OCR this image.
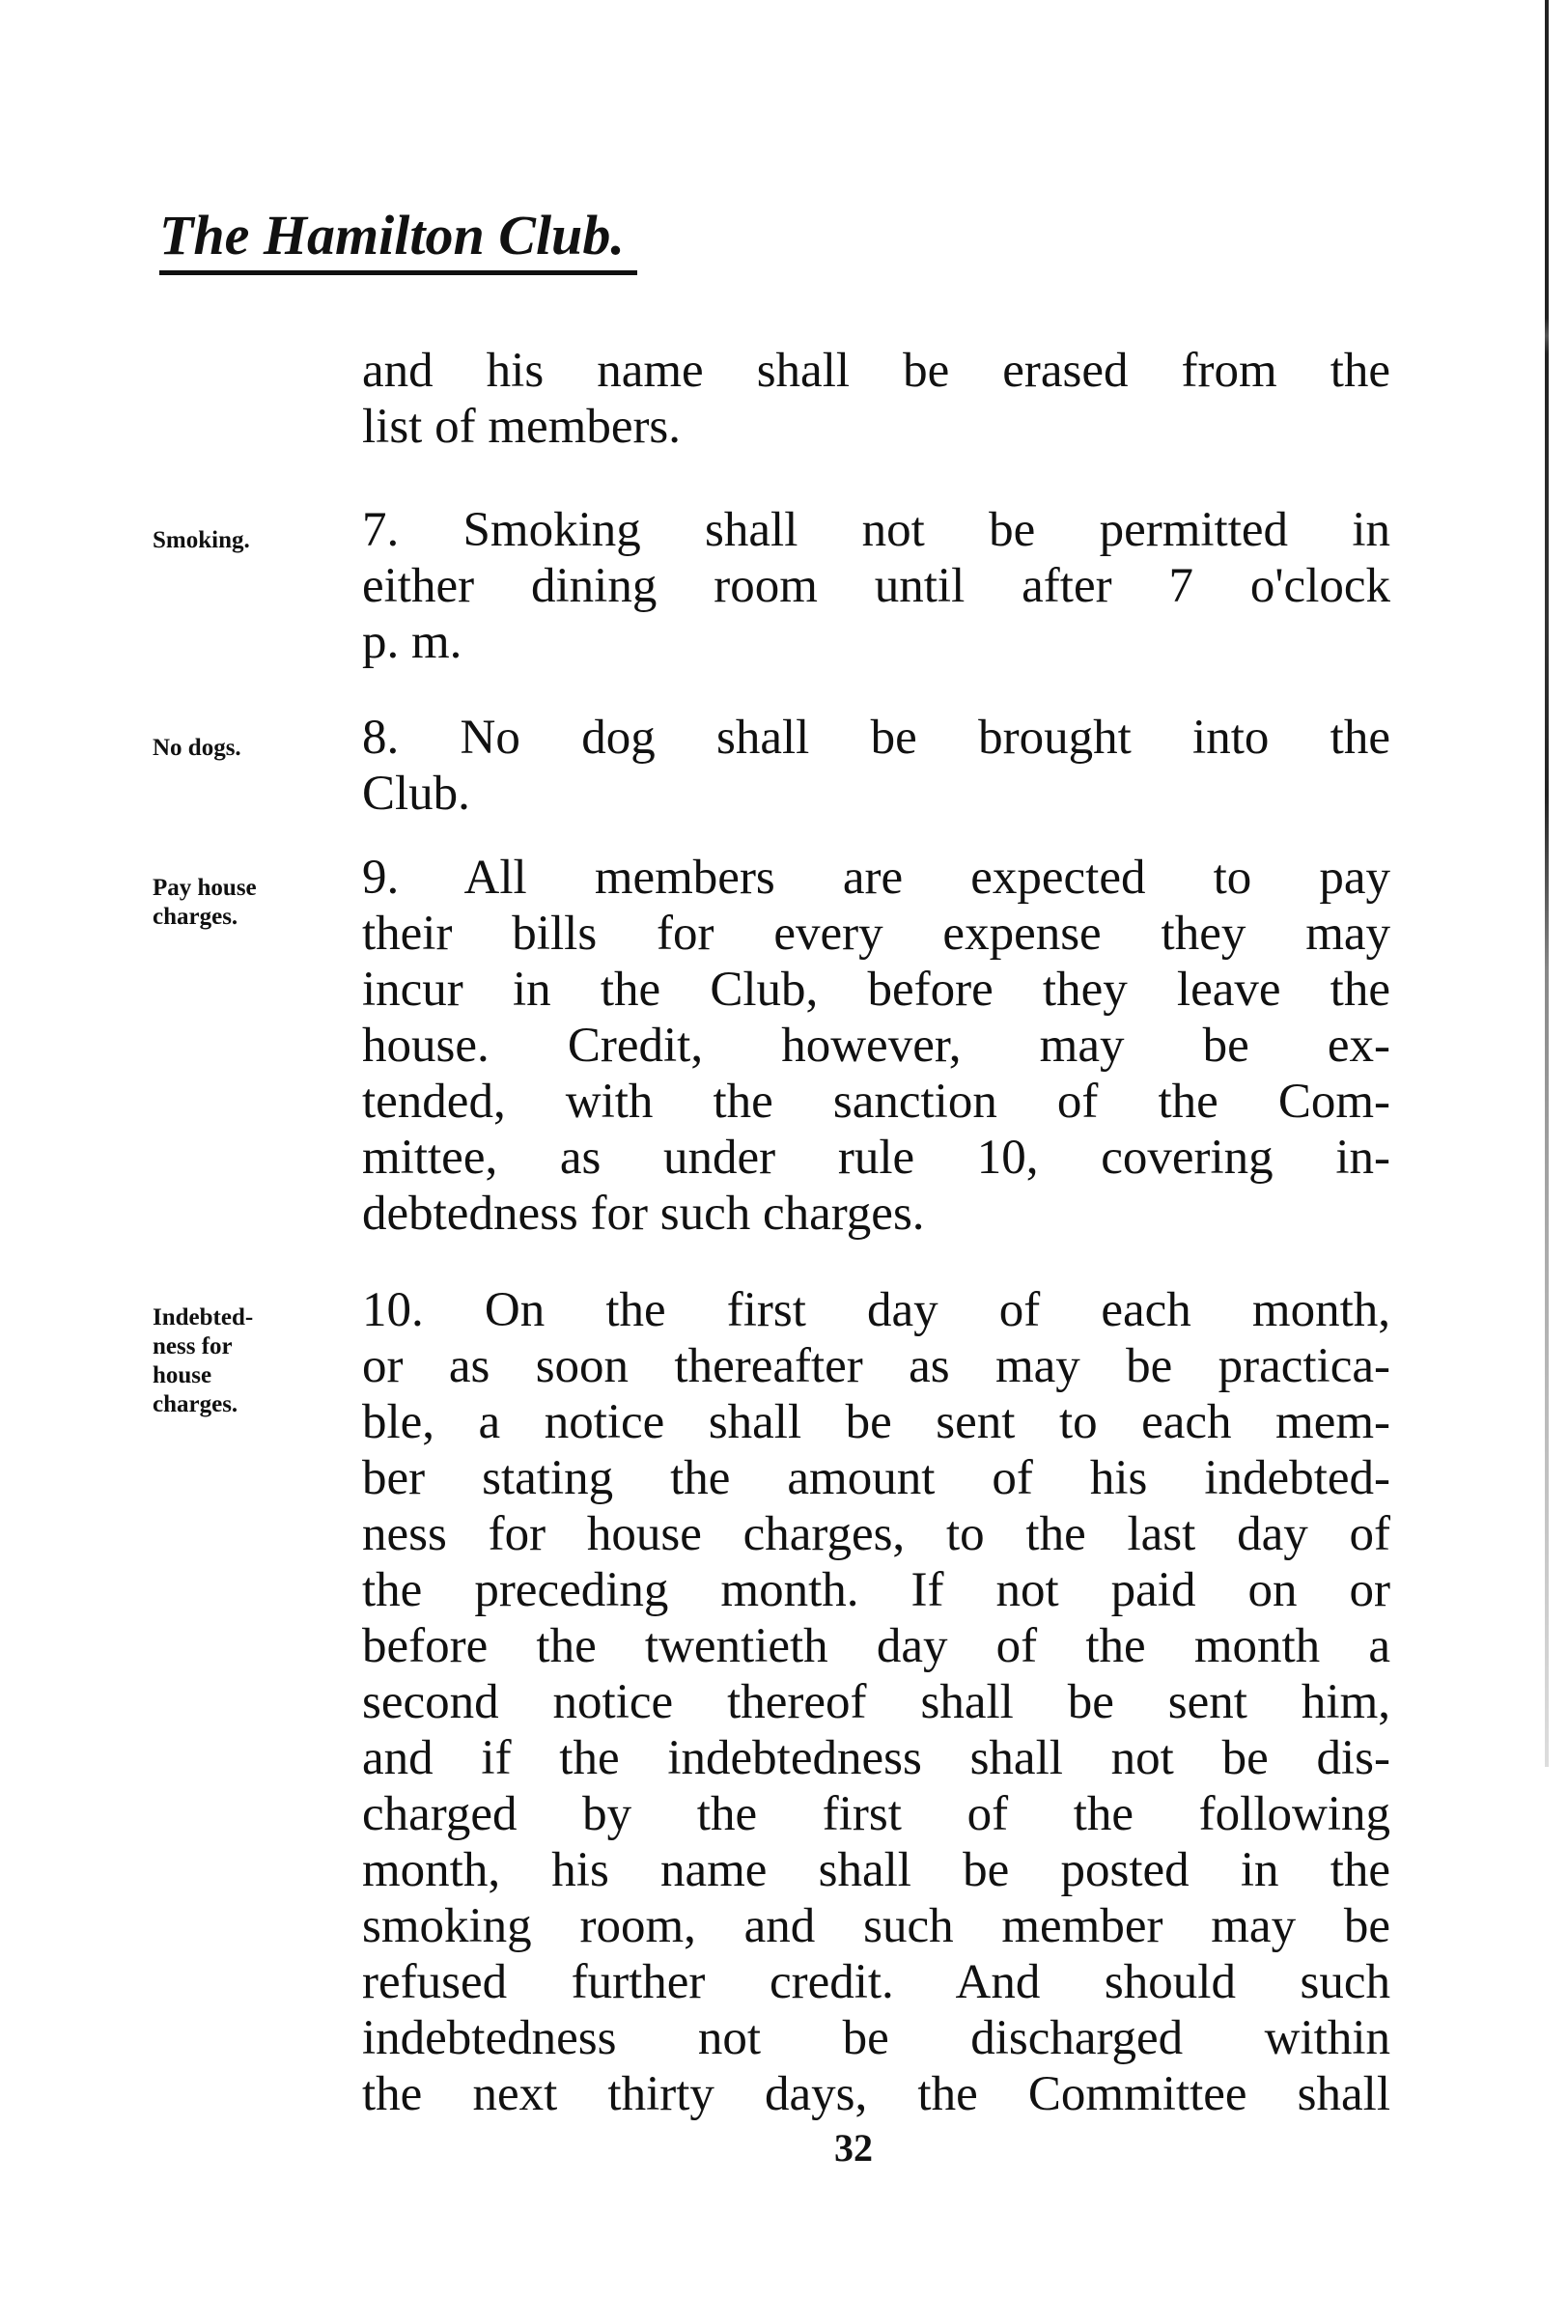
The Hamilton Club.
Smoking.
No dogs.
Pay house
charges.
Indebted-
ness for
house
charges.
and his name shall be erased from the
list of members.
7. Smoking shall not be permitted in
either dining room until after 7 o'clock
p. m.
8. No dog shall be brought into the
Club.
9. All members are expected to pay
their bills for every expense they may
incur in the Club, before they leave the
house. Credit, however, may be ex-
tended, with the sanction of the Com-
mittee, as under rule 10, covering in-
debtedness for such charges.
10. On the first day of each month,
or as soon thereafter as may be practica-
ble, a notice shall be sent to each mem-
ber stating the amount of his indebted-
ness for house charges, to the last day of
the preceding month. If not paid on or
before the twentieth day of the month a
second notice thereof shall be sent him,
and if the indebtedness shall not be dis-
charged by the first of the following
month, his name shall be posted in the
smoking room, and such member may be
refused further credit. And should such
indebtedness not be discharged within
the next thirty days, the Committee shall
32
